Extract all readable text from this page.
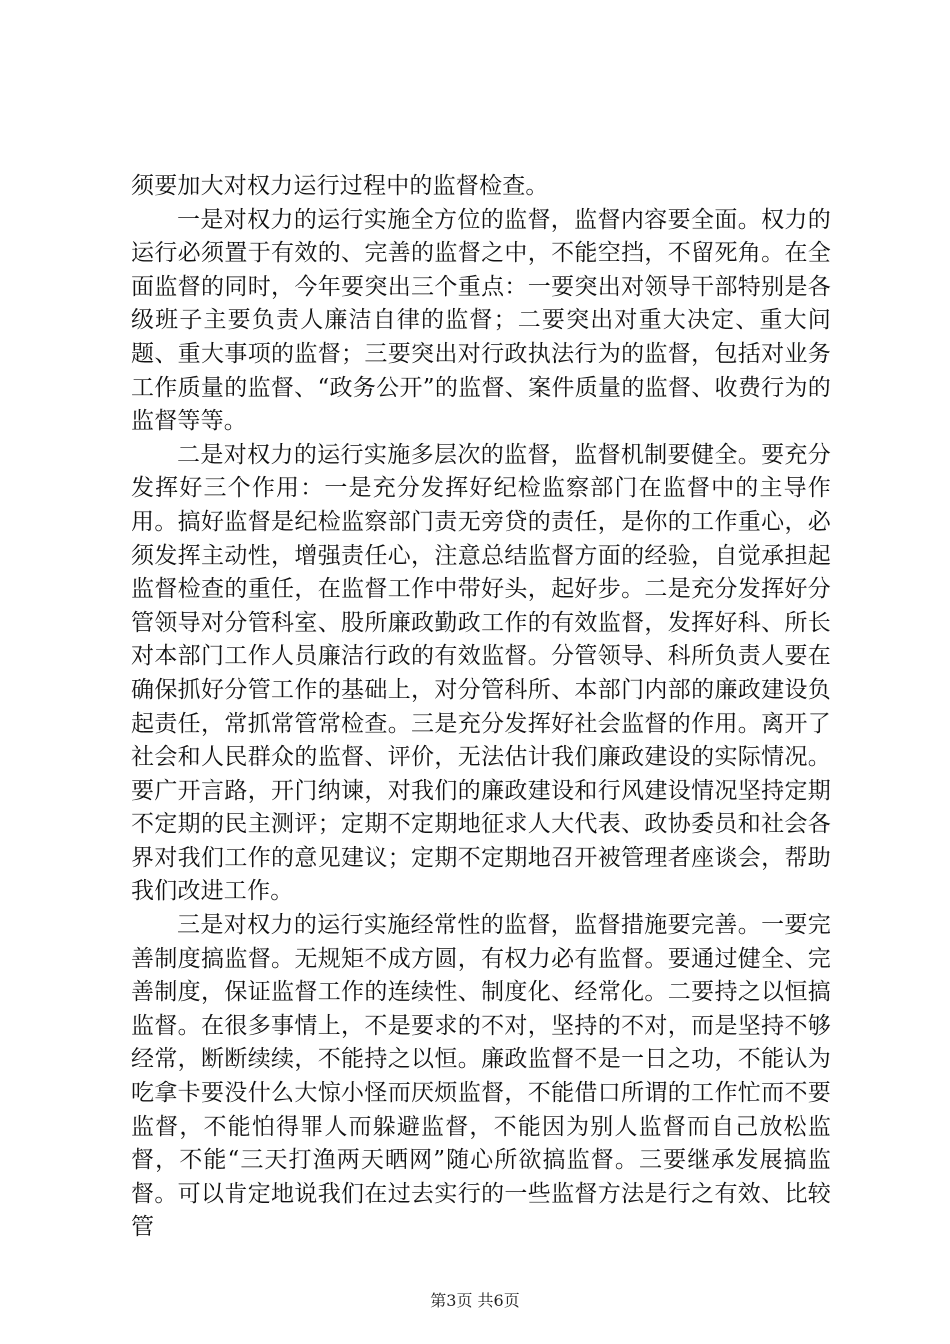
须要加大对权力运行过程中的监督检查。

一是对权力的运行实施全方位的监督，监督内容要全面。权力的运行必须置于有效的、完善的监督之中，不能空挡，不留死角。在全面监督的同时，今年要突出三个重点：一要突出对领导干部特别是各级班子主要负责人廉洁自律的监督；二要突出对重大决定、重大问题、重大事项的监督；三要突出对行政执法行为的监督，包括对业务工作质量的监督、“政务公开”的监督、案件质量的监督、收费行为的监督等等。

二是对权力的运行实施多层次的监督，监督机制要健全。要充分发挥好三个作用：一是充分发挥好纪检监察部门在监督中的主导作用。搞好监督是纪检监察部门责无旁贷的责任，是你的工作重心，必须发挥主动性，增强责任心，注意总结监督方面的经验，自觉承担起监督检查的重任，在监督工作中带好头，起好步。二是充分发挥好分管领导对分管科室、股所廉政勤政工作的有效监督，发挥好科、所长对本部门工作人员廉洁行政的有效监督。分管领导、科所负责人要在确保抓好分管工作的基础上，对分管科所、本部门内部的廉政建设负起责任，常抓常管常检查。三是充分发挥好社会监督的作用。离开了社会和人民群众的监督、评价，无法估计我们廉政建设的实际情况。要广开言路，开门纳谏，对我们的廉政建设和行风建设情况坚持定期不定期的民主测评；定期不定期地征求人大代表、政协委员和社会各界对我们工作的意见建议；定期不定期地召开被管理者座谈会，帮助我们改进工作。

三是对权力的运行实施经常性的监督，监督措施要完善。一要完善制度搞监督。无规矩不成方圆，有权力必有监督。要通过健全、完善制度，保证监督工作的连续性、制度化、经常化。二要持之以恒搞监督。在很多事情上，不是要求的不对，坚持的不对，而是坚持不够经常，断断续续，不能持之以恒。廉政监督不是一日之功，不能认为吃拿卡要没什么大惊小怪而厌烦监督，不能借口所谓的工作忙而不要监督，不能怕得罪人而躲避监督，不能因为别人监督而自己放松监督，不能“三天打渔两天晒网”随心所欲搞监督。三要继承发展搞监督。可以肯定地说我们在过去实行的一些监督方法是行之有效、比较管

第3页 共6页
